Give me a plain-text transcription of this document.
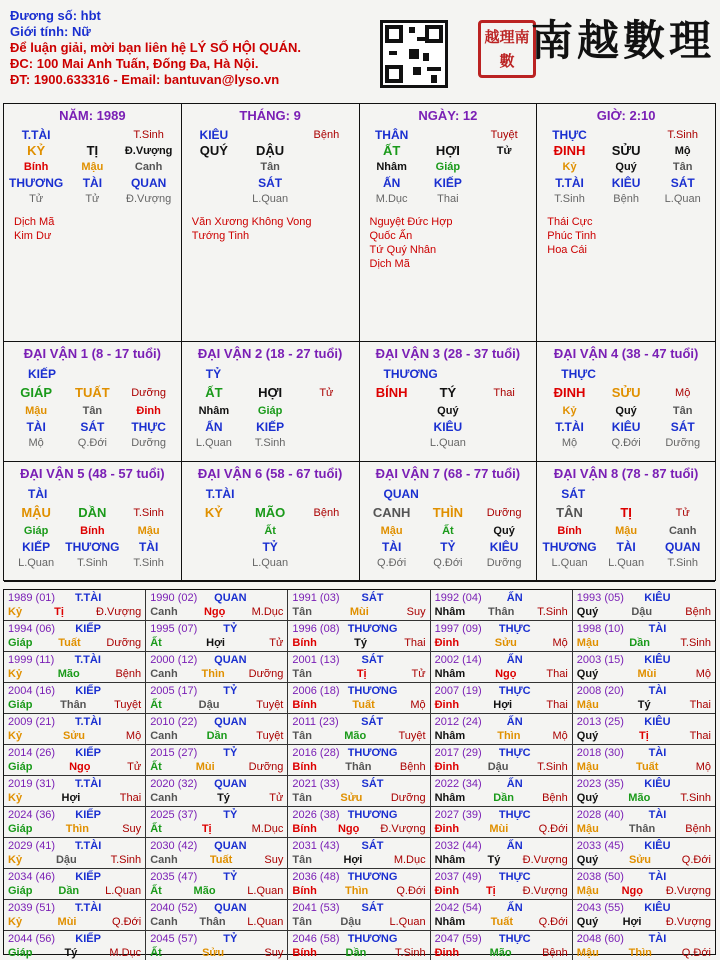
Đương số: hbt
Giới tính: Nữ
Để luận giải, mời bạn liên hệ LÝ SỐ HỘI QUÁN.
ĐC: 100 Mai Anh Tuấn, Đống Đa, Hà Nội.
ĐT: 1900.633316 - Email: bantuvan@lyso.vn
越理南數 南越數理
NĂM: 1989
T.TÀI	T.Sinh
KỶ	TỊ	Đ.Vượng
Bính	Mậu	Canh
THƯƠNG	TÀI	QUAN
Tử	Tử	Đ.Vượng
Dịch Mã
Kim Dư
THÁNG: 9
KIÊU	Bệnh
QUÝ	DẬU
Tân
SÁT
L.Quan
Văn Xương Không Vong
Tướng Tinh
NGÀY: 12
THÂN	Tuyệt
ẤT	HỢI	Tử
Nhâm	Giáp
ẤN	KIẾP
M.Dục	Thai
Nguyệt Đức Hợp
Quốc Ấn
Tứ Quý Nhân
Dịch Mã
GIỜ: 2:10
THỰC	T.Sinh
ĐINH	SỬU	Mộ
Kỷ	Quý	Tân
T.TÀI	KIÊU	SÁT
T.Sinh	Bệnh	L.Quan
Thái Cực
Phúc Tinh
Hoa Cái
ĐẠI VẬN 1 (8 - 17 tuổi)
KIẾP
GIÁP	TUẤT	Dưỡng
Mậu	Tân	Đinh
TÀI	SÁT	THỰC
Mộ	Q.Đới	Dưỡng
ĐẠI VẬN 2 (18 - 27 tuổi)
TỶ
ẤT	HỢI	Tử
Nhâm	Giáp
ẤN	KIẾP
L.Quan	T.Sinh
ĐẠI VẬN 3 (28 - 37 tuổi)
THƯƠNG
BÍNH	TÝ	Thai
Quý
KIÊU
L.Quan
ĐẠI VẬN 4 (38 - 47 tuổi)
THỰC
ĐINH	SỬU	Mộ
Kỷ	Quý	Tân
T.TÀI	KIÊU	SÁT
Mộ	Q.Đới	Dưỡng
ĐẠI VẬN 5 (48 - 57 tuổi)
TÀI
MẬU	DẦN	T.Sinh
Giáp	Bính	Mậu
KIẾP	THƯƠNG	TÀI
L.Quan	T.Sinh	T.Sinh
ĐẠI VẬN 6 (58 - 67 tuổi)
T.TÀI
KỶ	MÃO	Bệnh
Ất
TỶ
L.Quan
ĐẠI VẬN 7 (68 - 77 tuổi)
QUAN
CANH	THÌN	Dưỡng
Mậu	Ất	Quý
TÀI	TỶ	KIÊU
Q.Đới	Q.Đới	Dưỡng
ĐẠI VẬN 8 (78 - 87 tuổi)
SÁT
TÂN	TỊ	Tử
Bính	Mậu	Canh
THƯƠNG	TÀI	QUAN
L.Quan	L.Quan	T.Sinh
1989 (01) T.TÀI
Kỷ	Tị	Đ.Vượng
1990 (02) QUAN
Canh Ngọ M.Dục
1991 (03) SÁT
Tân	Mùi	Suy
1992 (04) ẤN
Nhâm Thân T.Sinh
1993 (05) KIÊU
Quý	Dậu	Bệnh
1994 (06) KIẾP
Giáp Tuất Dưỡng
1995 (07) TỶ
Ất	Hợi	Tử
1996 (08) THƯƠNG
Bính	Tý	Thai
1997 (09) THỰC
Đinh	Sửu	Mộ
1998 (10) TÀI
Mậu	Dần	T.Sinh
1999 (11) T.TÀI
Kỷ	Mão	Bệnh
2000 (12) QUAN
Canh Thìn Dưỡng
2001 (13) SÁT
Tân	Tị	Tử
2002 (14) ẤN
Nhâm	Ngọ	Thai
2003 (15) KIÊU
Quý	Mùi	Mộ
2004 (16) KIẾP
Giáp	Thân	Tuyệt
2005 (17) TỶ
Ất	Dậu	Tuyệt
2006 (18) THƯƠNG
Bính	Tuất	Mộ
2007 (19) THỰC
Đinh	Hợi	Thai
2008 (20) TÀI
Mậu	Tý	Thai
2009 (21) T.TÀI
Kỷ	Sửu	Mộ
2010 (22) QUAN
Canh	Dần	Tuyệt
2011 (23) SÁT
Tân	Mão	Tuyệt
2012 (24) ẤN
Nhâm	Thìn	Mộ
2013 (25) KIÊU
Quý	Tị	Thai
2014 (26) KIẾP
Giáp	Ngọ	Tử
2015 (27) TỶ
Ất	Mùi	Dưỡng
2016 (28) THƯƠNG
Bính	Thân	Bệnh
2017 (29) THỰC
Đinh	Dậu	T.Sinh
2018 (30) TÀI
Mậu	Tuất	Mộ
2019 (31) T.TÀI
Kỷ	Hợi	Thai
2020 (32) QUAN
Canh	Tý	Tử
2021 (33) SÁT
Tân	Sửu	Dưỡng
2022 (34) ẤN
Nhâm	Dần	Bệnh
2023 (35) KIÊU
Quý	Mão	T.Sinh
2024 (36) KIẾP
Giáp	Thìn	Suy
2025 (37) TỶ
Ất	Tị	M.Dục
2026 (38) THƯƠNG
Bính Ngọ Đ.Vượng
2027 (39) THỰC
Đinh	Mùi	Q.Đới
2028 (40) TÀI
Mậu	Thân	Bệnh
2029 (41) T.TÀI
Kỷ	Dậu	T.Sinh
2030 (42) QUAN
Canh	Tuất	Suy
2031 (43) SÁT
Tân	Hợi	M.Dục
2032 (44) ẤN
Nhâm Tý Đ.Vượng
2033 (45) KIÊU
Quý	Sửu	Q.Đới
2034 (46) KIẾP
Giáp Dần L.Quan
2035 (47) TỶ
Ất	Mão	L.Quan
2036 (48) THƯƠNG
Bính	Thìn	Q.Đới
2037 (49) THỰC
Đinh Tị Đ.Vượng
2038 (50) TÀI
Mậu Ngọ Đ.Vượng
2039 (51) T.TÀI
Kỷ	Mùi	Q.Đới
2040 (52) QUAN
Canh Thân L.Quan
2041 (53) SÁT
Tân	Dậu	L.Quan
2042 (54) ẤN
Nhâm Tuất Q.Đới
2043 (55) KIÊU
Quý Hợi Đ.Vượng
2044 (56) KIẾP
Giáp	Tý	M.Dục
2045 (57) TỶ
Ất	Sửu	Suy
2046 (58) THƯƠNG
Bính	Dần	T.Sinh
2047 (59) THỰC
Đinh	Mão	Bệnh
2048 (60) TÀI
Mậu	Thìn	Q.Đới
